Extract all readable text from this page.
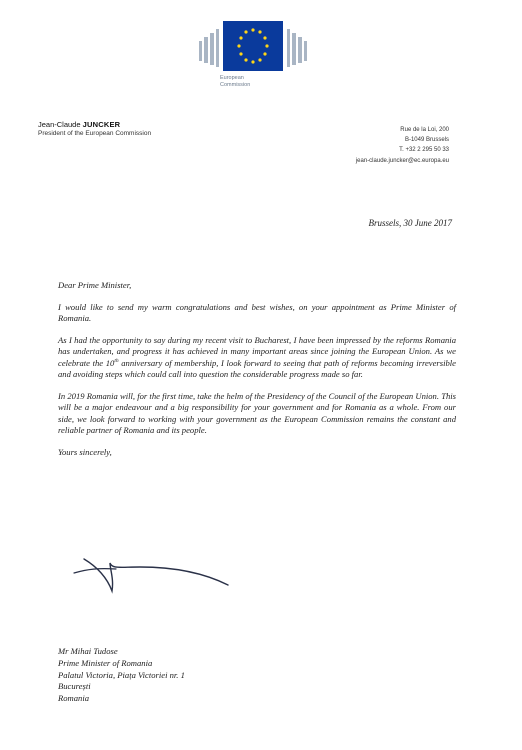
European
Commission
Jean-Claude JUNCKER
President of the European Commission	Rue de la Loi, 200
B-1049 Brussels
T. +32 2 295 50 33
jean-claude.juncker@ec.europa.eu
Brussels, 30 June 2017

Dear Prime Minister,

I would like to send my warm congratulations and best wishes, on your appointment as Prime Minister of Romania.

As I had the opportunity to say during my recent visit to Bucharest, I have been impressed by the reforms Romania has undertaken, and progress it has achieved in many important areas since joining the European Union. As we celebrate the 10th anniversary of membership, I look forward to seeing that path of reforms becoming irreversible and avoiding steps which could call into question the considerable progress made so far.

In 2019 Romania will, for the first time, take the helm of the Presidency of the Council of the European Union. This will be a major endeavour and a big responsibility for your government and for Romania as a whole. From our side, we look forward to working with your government as the European Commission remains the constant and reliable partner of Romania and its people.

Yours sincerely,

Mr Mihai Tudose
Prime Minister of Romania
Palatul Victoria, Piața Victoriei nr. 1
București
Romania
